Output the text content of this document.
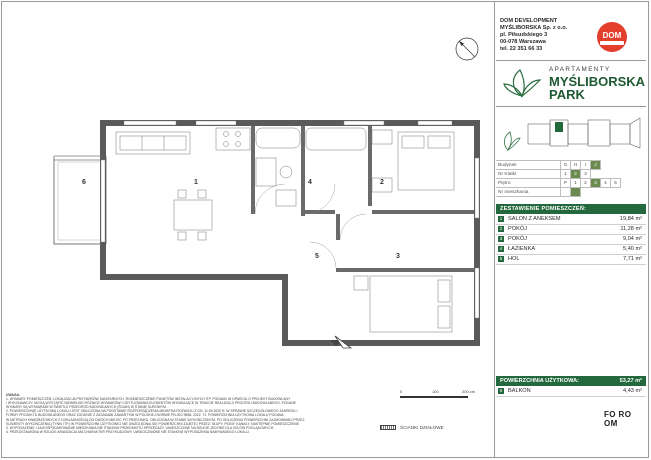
1	2
3
4
5
6
DOM DEVELOPMENT
MYŚLIBORSKA Sp. z o.o.
pl. Piłsudskiego 3
00-078 Warszawa
tel. 22 351 66 33
DOM
APARTAMENTY
MYŚLIBORSKA
PARK
Budynek	G	H	I	J		
Nr Klatki	1	2	3			
Piętro	P	1	2	3	4	5
Nr mieszkania						
ZESTAWIENIE POMIESZCZEŃ:
1	SALON Z ANEKSEM	19,84 m²
2	POKÓJ	11,28 m²
3	POKÓJ	9,04 m²
4	ŁAZIENKA	5,40 m²
5	HOL	7,71 m²
POWIERZCHNIA UŻYTKOWA:	53,27 m²
6	BALKON	4,43 m²
FO RO
OM
UWAGA:
1. WYMIARY POMIESZCZEŃ, LOKALIZACJA PRZYBORÓW SANITARNYCH, ROZMIESZCZENIE PUNKTÓW INSTALACYJNYCH ITP. PODANO W OPARCIU O PROJEKT BUDOWLANY
I WYKONAWCZY, MOGĄ WYSTĄPIĆ NIEWIELKIE RÓŻNICE WYMIARÓW I USYTUOWANIA ELEMENTÓW WYNIKAJĄCE W TRAKCIE REALIZACJI PROCESU BUDOWLANEGO. PODANE
WYMIARY SĄ WYMIARAMI W ŚWIETLE PRZEGRÓD BUDOWLANYCH (ŚCIAN) W STANIE SUROWYM.
2. POWIERZCHNIĘ UŻYTKOWĄ LOKALU JEST OBLICZONA NA PODSTAWIE ROZPORZĄDZENIA MINISTRA ROZWOJU Z DN. 11.09.2020 R. W SPRAWIE SZCZEGÓŁOWEGO ZAKRESU I
FORMY PROJEKTU BUDOWLANEGO ORAZ ZGODNIE Z ZASADAMI ZAWARTYMI W POLSKIEJ NORMIE PN-ISO 9836: 2022. TJ. POWIERZCHNIA UŻYTKOWA LOKALU PODANA
W METRACH KWADRATOWYCH Z DOKŁADNOŚCIĄ DO DWÓCH MIEJSC PO PRZECINKU, OBLICZONA W STANIE WYKOŃCZONYM, PO ODLICZENIU POWIERZCHNI ZAJMOWANEJ PRZEZ
ELEMENTY WYKOŃCZENIA (TYNKI ITP.) W POWIERZCHNI UŻYTKOWEJ NIE UWZGLĘDNIA SIĘ POWIERZCHNI ZAJĘTEJ PRZEZ: SŁUPY, PIONY, KANAŁY, NASTĘPNIE POMIESZCZENIE
3. WYPOSAŻENIE I ZAGOSPODAROWANIE MIESZKANIA NIE STANOWI PRZEDMIOTU SPRZEDAŻY, UMIESZCZONE NA RZUCIE JEDYNIE DLA CELÓW POGLĄDOWYCH.
4. PRZEDSTAWIONA W RZUCIE ARANŻACJA MA CHARAKTER PRZYKŁADOWY, UWIDOCZNIONE NIE STANOWI WYPOSAŻENIA NABYWANEGO LOKALU.
0	100	200 cm
ŚCIANKI DZIAŁOWE
